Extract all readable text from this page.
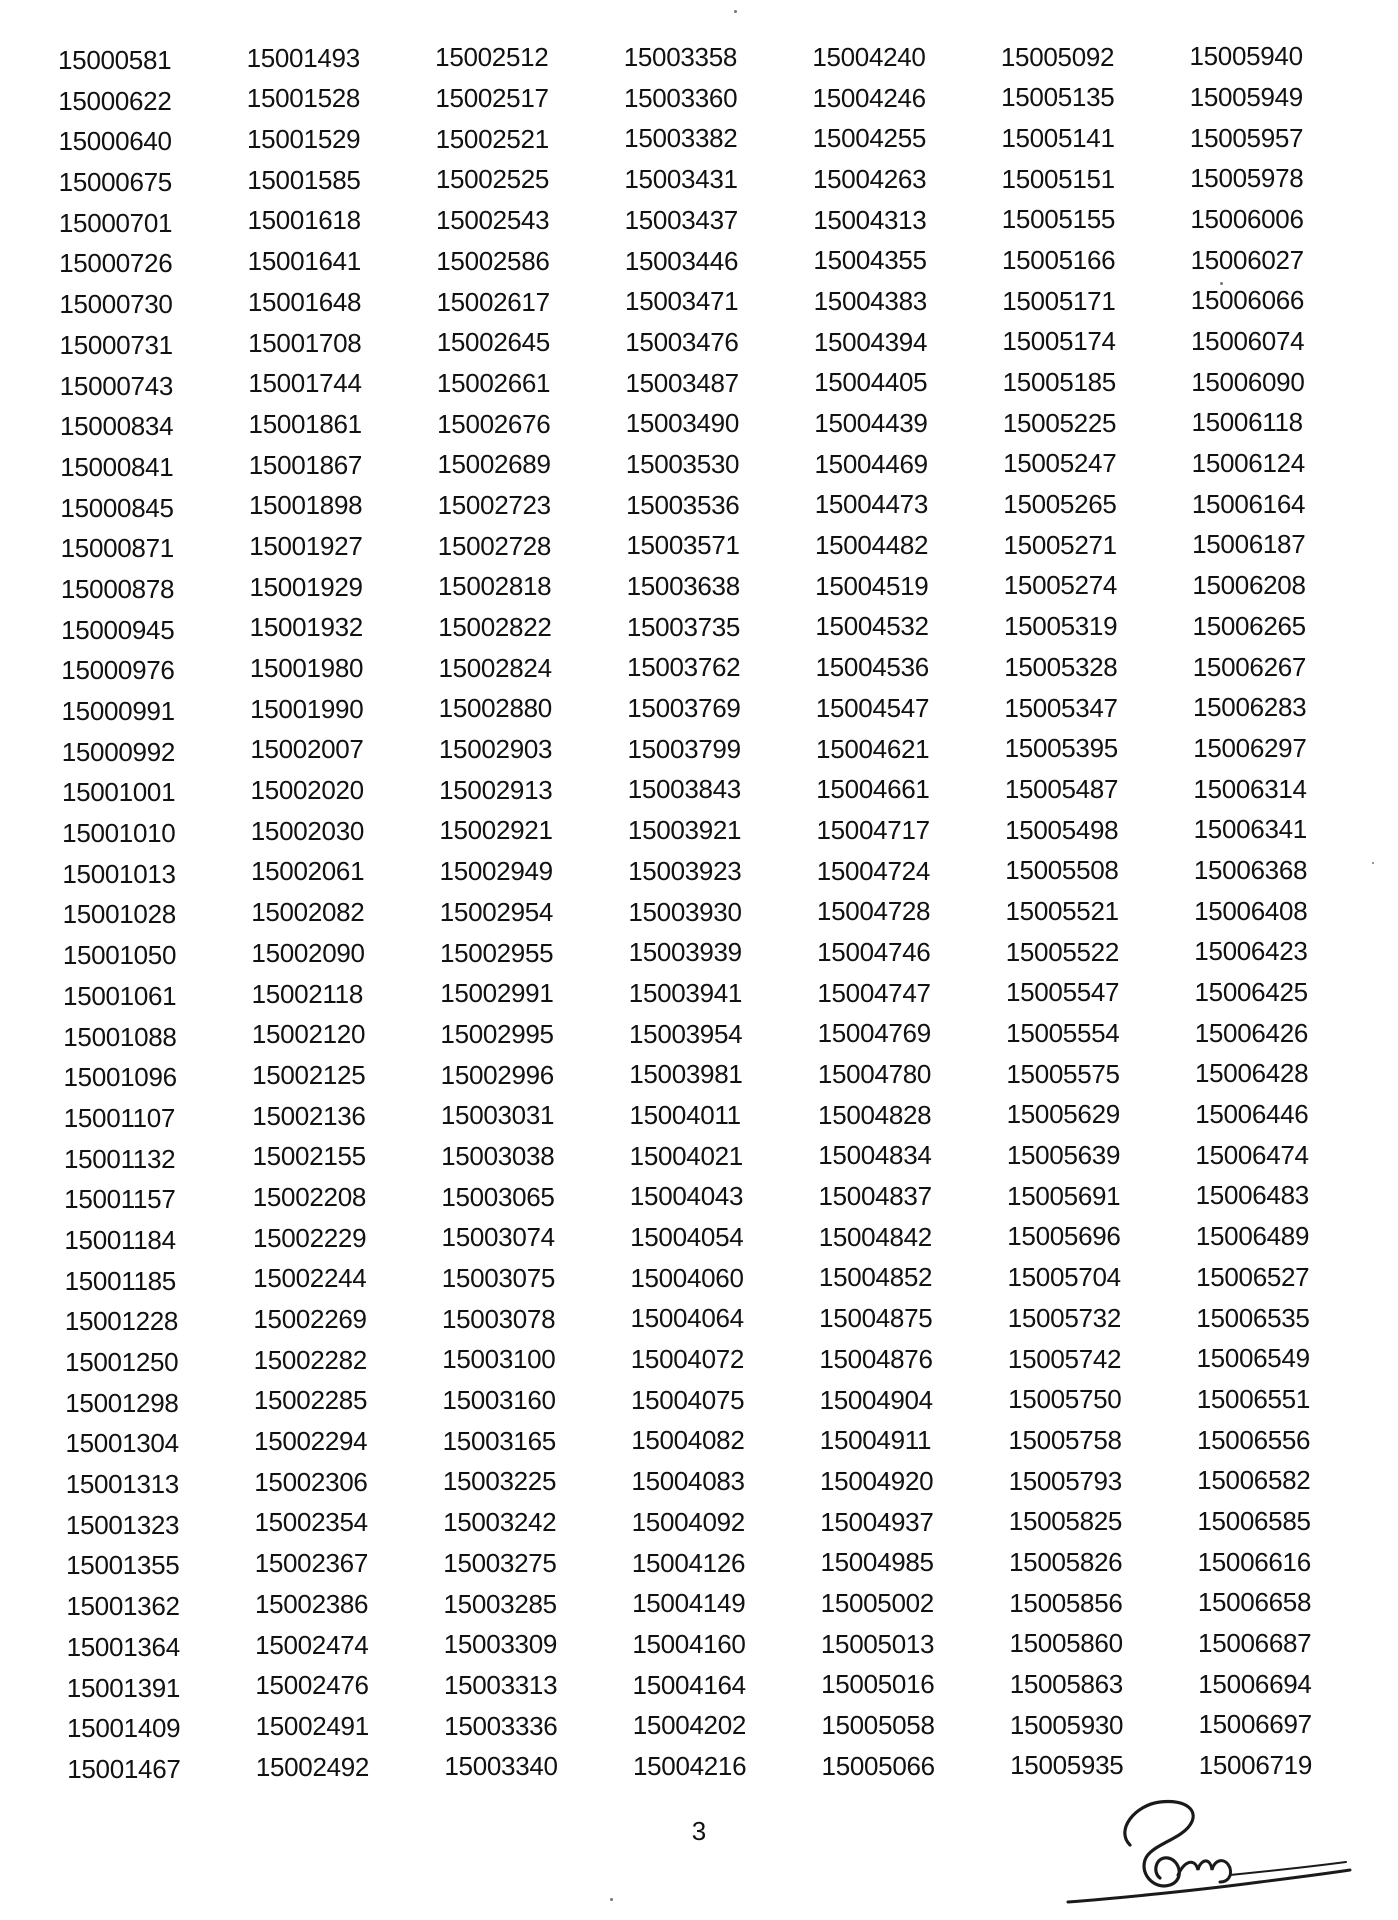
15000581
15000622
15000640
15000675
15000701
15000726
15000730
15000731
15000743
15000834
15000841
15000845
15000871
15000878
15000945
15000976
15000991
15000992
15001001
15001010
15001013
15001028
15001050
15001061
15001088
15001096
15001107
15001132
15001157
15001184
15001185
15001228
15001250
15001298
15001304
15001313
15001323
15001355
15001362
15001364
15001391
15001409
15001467
15001493
15001528
15001529
15001585
15001618
15001641
15001648
15001708
15001744
15001861
15001867
15001898
15001927
15001929
15001932
15001980
15001990
15002007
15002020
15002030
15002061
15002082
15002090
15002118
15002120
15002125
15002136
15002155
15002208
15002229
15002244
15002269
15002282
15002285
15002294
15002306
15002354
15002367
15002386
15002474
15002476
15002491
15002492
15002512
15002517
15002521
15002525
15002543
15002586
15002617
15002645
15002661
15002676
15002689
15002723
15002728
15002818
15002822
15002824
15002880
15002903
15002913
15002921
15002949
15002954
15002955
15002991
15002995
15002996
15003031
15003038
15003065
15003074
15003075
15003078
15003100
15003160
15003165
15003225
15003242
15003275
15003285
15003309
15003313
15003336
15003340
15003358
15003360
15003382
15003431
15003437
15003446
15003471
15003476
15003487
15003490
15003530
15003536
15003571
15003638
15003735
15003762
15003769
15003799
15003843
15003921
15003923
15003930
15003939
15003941
15003954
15003981
15004011
15004021
15004043
15004054
15004060
15004064
15004072
15004075
15004082
15004083
15004092
15004126
15004149
15004160
15004164
15004202
15004216
15004240
15004246
15004255
15004263
15004313
15004355
15004383
15004394
15004405
15004439
15004469
15004473
15004482
15004519
15004532
15004536
15004547
15004621
15004661
15004717
15004724
15004728
15004746
15004747
15004769
15004780
15004828
15004834
15004837
15004842
15004852
15004875
15004876
15004904
15004911
15004920
15004937
15004985
15005002
15005013
15005016
15005058
15005066
15005092
15005135
15005141
15005151
15005155
15005166
15005171
15005174
15005185
15005225
15005247
15005265
15005271
15005274
15005319
15005328
15005347
15005395
15005487
15005498
15005508
15005521
15005522
15005547
15005554
15005575
15005629
15005639
15005691
15005696
15005704
15005732
15005742
15005750
15005758
15005793
15005825
15005826
15005856
15005860
15005863
15005930
15005935
15005940
15005949
15005957
15005978
15006006
15006027
15006066
15006074
15006090
15006118
15006124
15006164
15006187
15006208
15006265
15006267
15006283
15006297
15006314
15006341
15006368
15006408
15006423
15006425
15006426
15006428
15006446
15006474
15006483
15006489
15006527
15006535
15006549
15006551
15006556
15006582
15006585
15006616
15006658
15006687
15006694
15006697
15006719
3
